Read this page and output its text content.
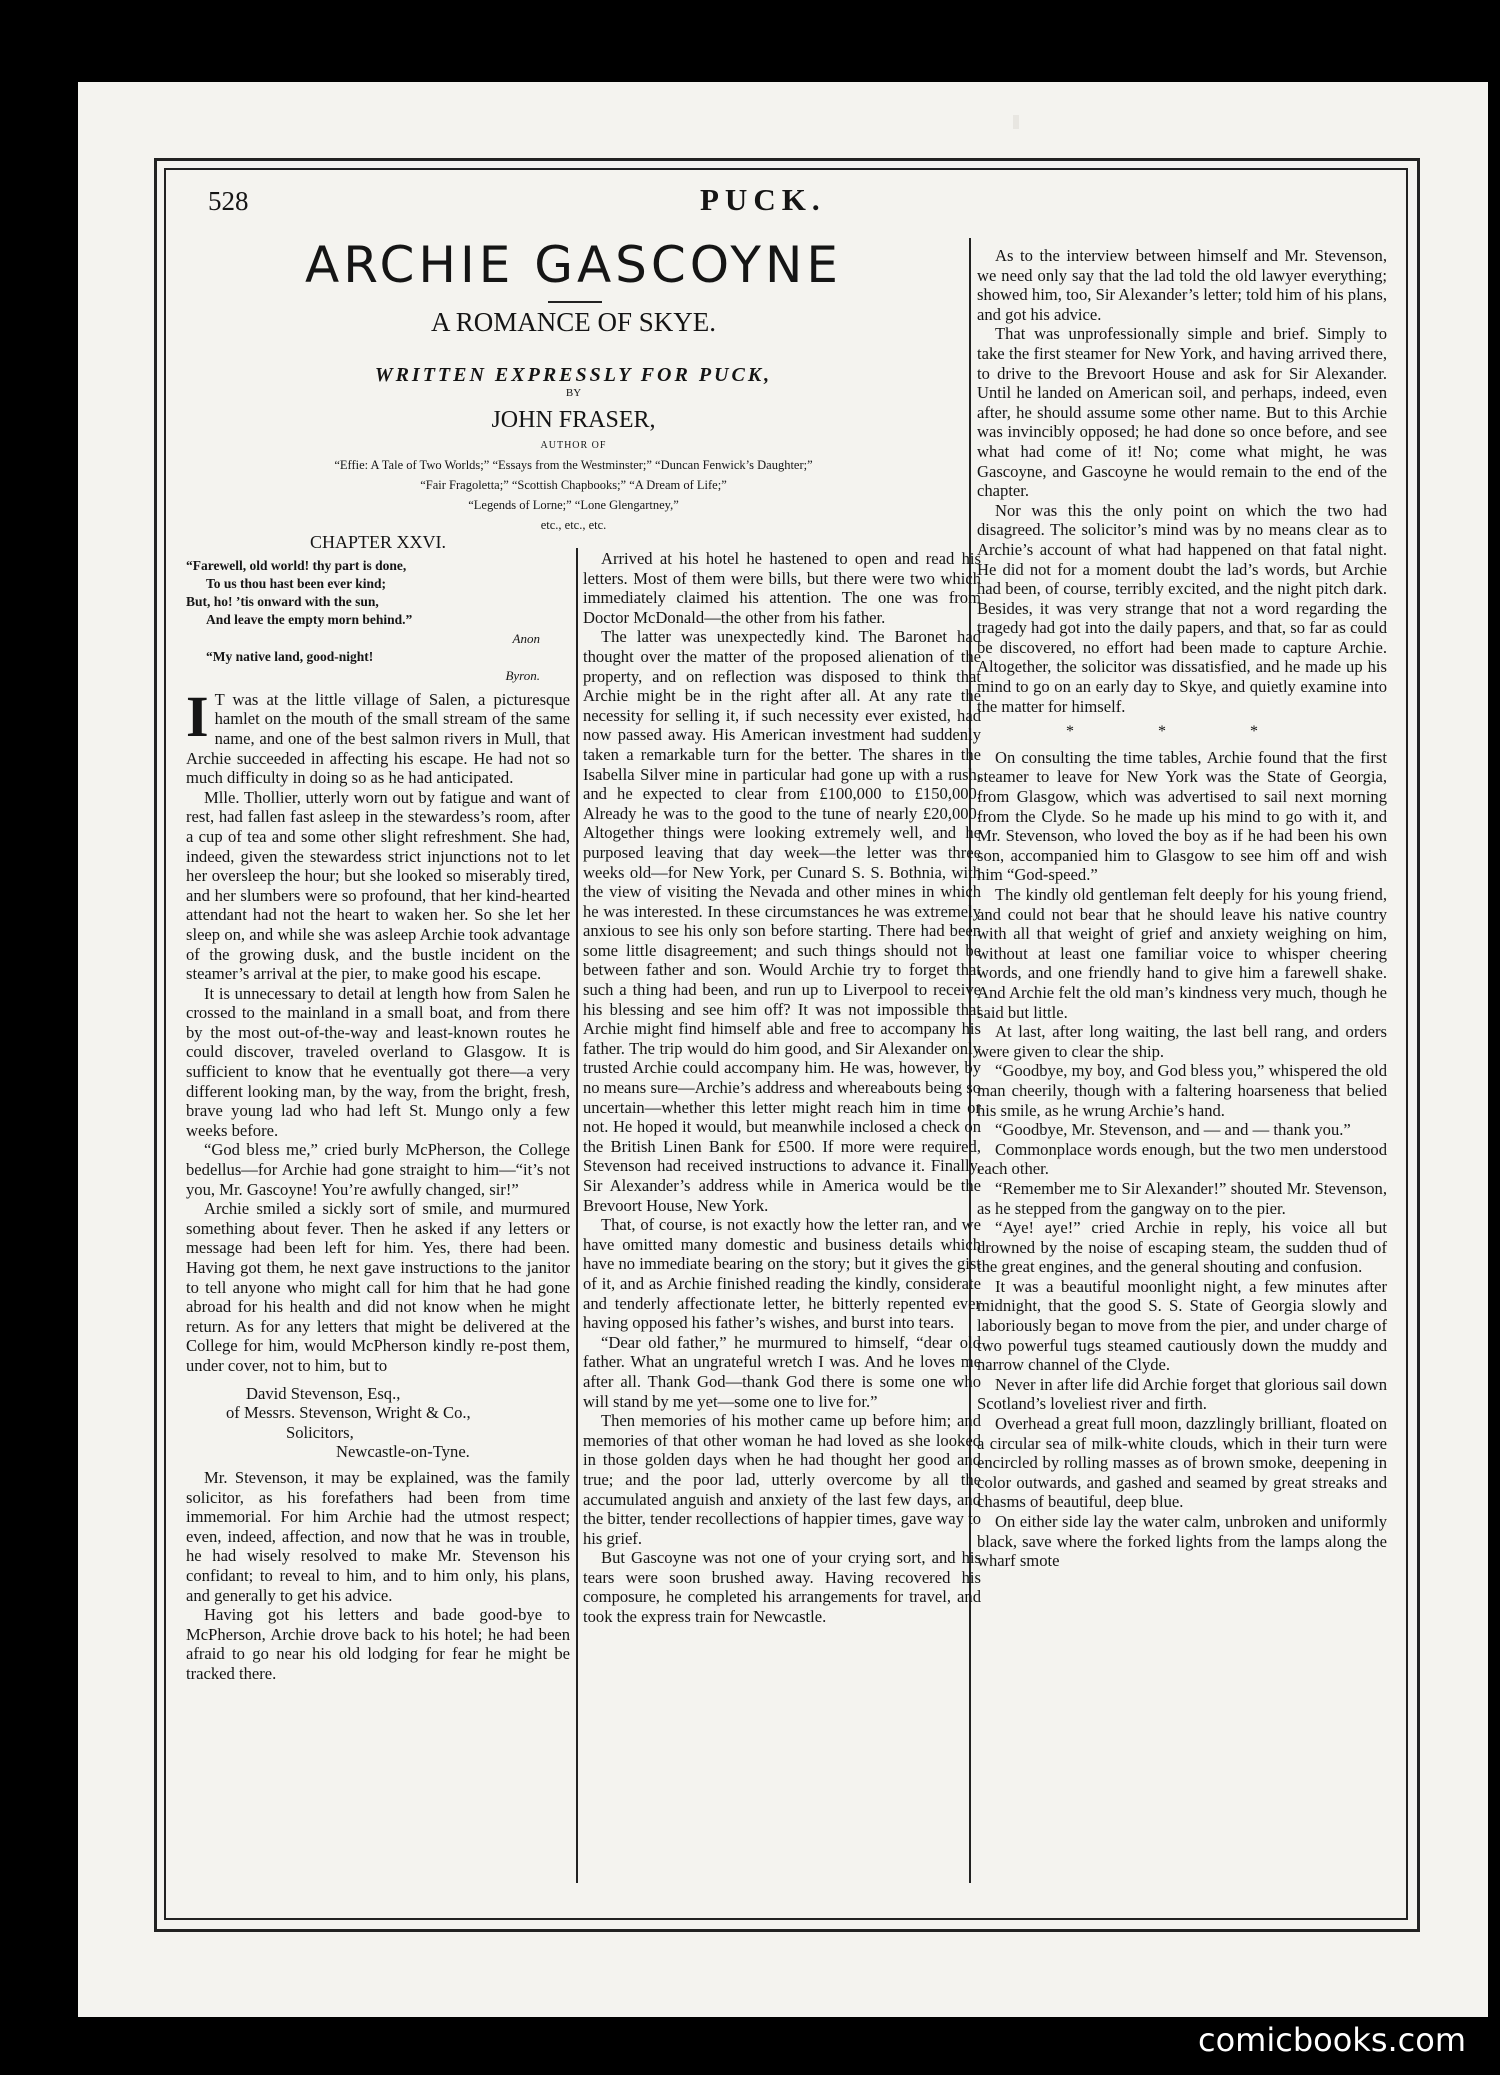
528	PUCK.
ARCHIE GASCOYNE
A ROMANCE OF SKYE.
WRITTEN EXPRESSLY FOR PUCK,
BY
JOHN FRASER,
AUTHOR OF
“Effie: A Tale of Two Worlds;” “Essays from the Westminster;” “Duncan Fenwick’s Daughter;”
“Fair Fragoletta;” “Scottish Chapbooks;” “A Dream of Life;”
“Legends of Lorne;” “Lone Glengartney,”
etc., etc., etc.
CHAPTER XXVI.
“Farewell, old world! thy part is done,
To us thou hast been ever kind;
But, ho! ’tis onward with the sun,
And leave the empty morn behind.”
Anon
“My native land, good-night!
Byron.

I T was at the little village of Salen, a picturesque hamlet on the mouth of the small stream of the same name, and one of the best salmon rivers in Mull, that Archie succeeded in affecting his escape. He had not so much difficulty in doing so as he had anticipated.

Mlle. Thollier, utterly worn out by fatigue and want of rest, had fallen fast asleep in the stewardess’s room, after a cup of tea and some other slight refreshment. She had, indeed, given the stewardess strict injunctions not to let her oversleep the hour; but she looked so miserably tired, and her slumbers were so profound, that her kind-hearted attendant had not the heart to waken her. So she let her sleep on, and while she was asleep Archie took advantage of the growing dusk, and the bustle incident on the steamer’s arrival at the pier, to make good his escape.

It is unnecessary to detail at length how from Salen he crossed to the mainland in a small boat, and from there by the most out-of-the-way and least-known routes he could discover, traveled overland to Glasgow. It is sufficient to know that he eventually got there—a very different looking man, by the way, from the bright, fresh, brave young lad who had left St. Mungo only a few weeks before.

“God bless me,” cried burly McPherson, the College bedellus—for Archie had gone straight to him—“it’s not you, Mr. Gascoyne! You’re awfully changed, sir!”

Archie smiled a sickly sort of smile, and murmured something about fever. Then he asked if any letters or message had been left for him. Yes, there had been. Having got them, he next gave instructions to the janitor to tell anyone who might call for him that he had gone abroad for his health and did not know when he might return. As for any letters that might be delivered at the College for him, would McPherson kindly re-post them, under cover, not to him, but to

David Stevenson, Esq.,
of Messrs. Stevenson, Wright & Co.,
Solicitors,
Newcastle-on-Tyne.

Mr. Stevenson, it may be explained, was the family solicitor, as his forefathers had been from time immemorial. For him Archie had the utmost respect; even, indeed, affection, and now that he was in trouble, he had wisely resolved to make Mr. Stevenson his confidant; to reveal to him, and to him only, his plans, and generally to get his advice.

Having got his letters and bade good-bye to McPherson, Archie drove back to his hotel; he had been afraid to go near his old lodging for fear he might be tracked there.

Arrived at his hotel he hastened to open and read his letters. Most of them were bills, but there were two which immediately claimed his attention. The one was from Doctor McDonald—the other from his father.

The latter was unexpectedly kind. The Baronet had thought over the matter of the proposed alienation of the property, and on reflection was disposed to think that Archie might be in the right after all. At any rate the necessity for selling it, if such necessity ever existed, had now passed away. His American investment had suddenly taken a remarkable turn for the better. The shares in the Isabella Silver mine in particular had gone up with a rush, and he expected to clear from £100,000 to £150,000. Already he was to the good to the tune of nearly £20,000. Altogether things were looking extremely well, and he purposed leaving that day week—the letter was three weeks old—for New York, per Cunard S. S. Bothnia, with the view of visiting the Nevada and other mines in which he was interested. In these circumstances he was extremely anxious to see his only son before starting. There had been some little disagreement; and such things should not be between father and son. Would Archie try to forget that such a thing had been, and run up to Liverpool to receive his blessing and see him off? It was not impossible that Archie might find himself able and free to accompany his father. The trip would do him good, and Sir Alexander only trusted Archie could accompany him. He was, however, by no means sure—Archie’s address and whereabouts being so uncertain—whether this letter might reach him in time or not. He hoped it would, but meanwhile inclosed a check on the British Linen Bank for £500. If more were required, Stevenson had received instructions to advance it. Finally, Sir Alexander’s address while in America would be the Brevoort House, New York.

That, of course, is not exactly how the letter ran, and we have omitted many domestic and business details which have no immediate bearing on the story; but it gives the gist of it, and as Archie finished reading the kindly, considerate and tenderly affectionate letter, he bitterly repented ever having opposed his father’s wishes, and burst into tears.

“Dear old father,” he murmured to himself, “dear old father. What an ungrateful wretch I was. And he loves me after all. Thank God—thank God there is some one who will stand by me yet—some one to live for.”

Then memories of his mother came up before him; and memories of that other woman he had loved as she looked in those golden days when he had thought her good and true; and the poor lad, utterly overcome by all the accumulated anguish and anxiety of the last few days, and the bitter, tender recollections of happier times, gave way to his grief.

But Gascoyne was not one of your crying sort, and his tears were soon brushed away. Having recovered his composure, he completed his arrangements for travel, and took the express train for Newcastle.

As to the interview between himself and Mr. Stevenson, we need only say that the lad told the old lawyer everything; showed him, too, Sir Alexander’s letter; told him of his plans, and got his advice.

That was unprofessionally simple and brief. Simply to take the first steamer for New York, and having arrived there, to drive to the Brevoort House and ask for Sir Alexander. Until he landed on American soil, and perhaps, indeed, even after, he should assume some other name. But to this Archie was invincibly opposed; he had done so once before, and see what had come of it! No; come what might, he was Gascoyne, and Gascoyne he would remain to the end of the chapter.

Nor was this the only point on which the two had disagreed. The solicitor’s mind was by no means clear as to Archie’s account of what had happened on that fatal night. He did not for a moment doubt the lad’s words, but Archie had been, of course, terribly excited, and the night pitch dark. Besides, it was very strange that not a word regarding the tragedy had got into the daily papers, and that, so far as could be discovered, no effort had been made to capture Archie. Altogether, the solicitor was dissatisfied, and he made up his mind to go on an early day to Skye, and quietly examine into the matter for himself.

* * *

On consulting the time tables, Archie found that the first steamer to leave for New York was the State of Georgia, from Glasgow, which was advertised to sail next morning from the Clyde. So he made up his mind to go with it, and Mr. Stevenson, who loved the boy as if he had been his own son, accompanied him to Glasgow to see him off and wish him “God-speed.”

The kindly old gentleman felt deeply for his young friend, and could not bear that he should leave his native country with all that weight of grief and anxiety weighing on him, without at least one familiar voice to whisper cheering words, and one friendly hand to give him a farewell shake. And Archie felt the old man’s kindness very much, though he said but little.

At last, after long waiting, the last bell rang, and orders were given to clear the ship.

“Goodbye, my boy, and God bless you,” whispered the old man cheerily, though with a faltering hoarseness that belied his smile, as he wrung Archie’s hand.

“Goodbye, Mr. Stevenson, and — and — thank you.”

Commonplace words enough, but the two men understood each other.

“Remember me to Sir Alexander!” shouted Mr. Stevenson, as he stepped from the gangway on to the pier.

“Aye! aye!” cried Archie in reply, his voice all but drowned by the noise of escaping steam, the sudden thud of the great engines, and the general shouting and confusion.

It was a beautiful moonlight night, a few minutes after midnight, that the good S. S. State of Georgia slowly and laboriously began to move from the pier, and under charge of two powerful tugs steamed cautiously down the muddy and narrow channel of the Clyde.

Never in after life did Archie forget that glorious sail down Scotland’s loveliest river and firth.

Overhead a great full moon, dazzlingly brilliant, floated on a circular sea of milk-white clouds, which in their turn were encircled by rolling masses as of brown smoke, deepening in color outwards, and gashed and seamed by great streaks and chasms of beautiful, deep blue.

On either side lay the water calm, unbroken and uniformly black, save where the forked lights from the lamps along the wharf smote

comicbooks.com
